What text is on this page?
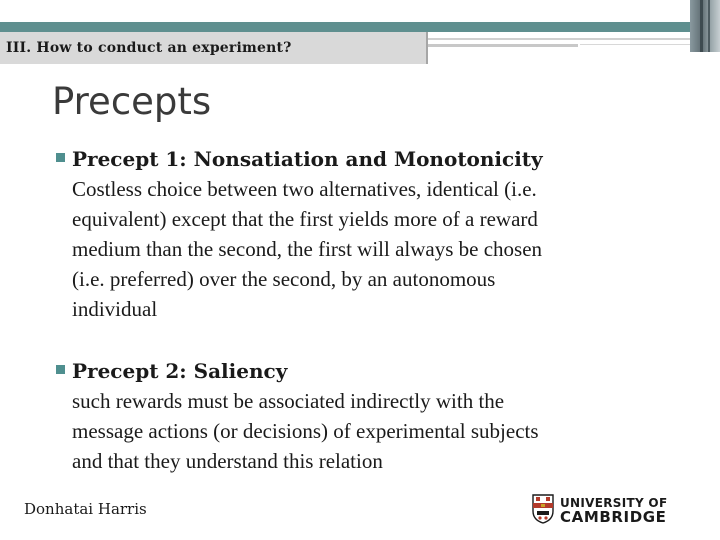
III. How to conduct an experiment?
Precepts
Precept 1: Nonsatiation and Monotonicity
Costless choice between two alternatives, identical (i.e.
equivalent) except that the first yields more of a reward
medium than the second, the first will always be chosen
(i.e. preferred) over the second, by an autonomous
individual
Precept 2: Saliency
such rewards must be associated indirectly with the
message actions (or decisions) of experimental subjects
and that they understand this relation
Donhatai Harris	UNIVERSITY OF
CAMBRIDGE
